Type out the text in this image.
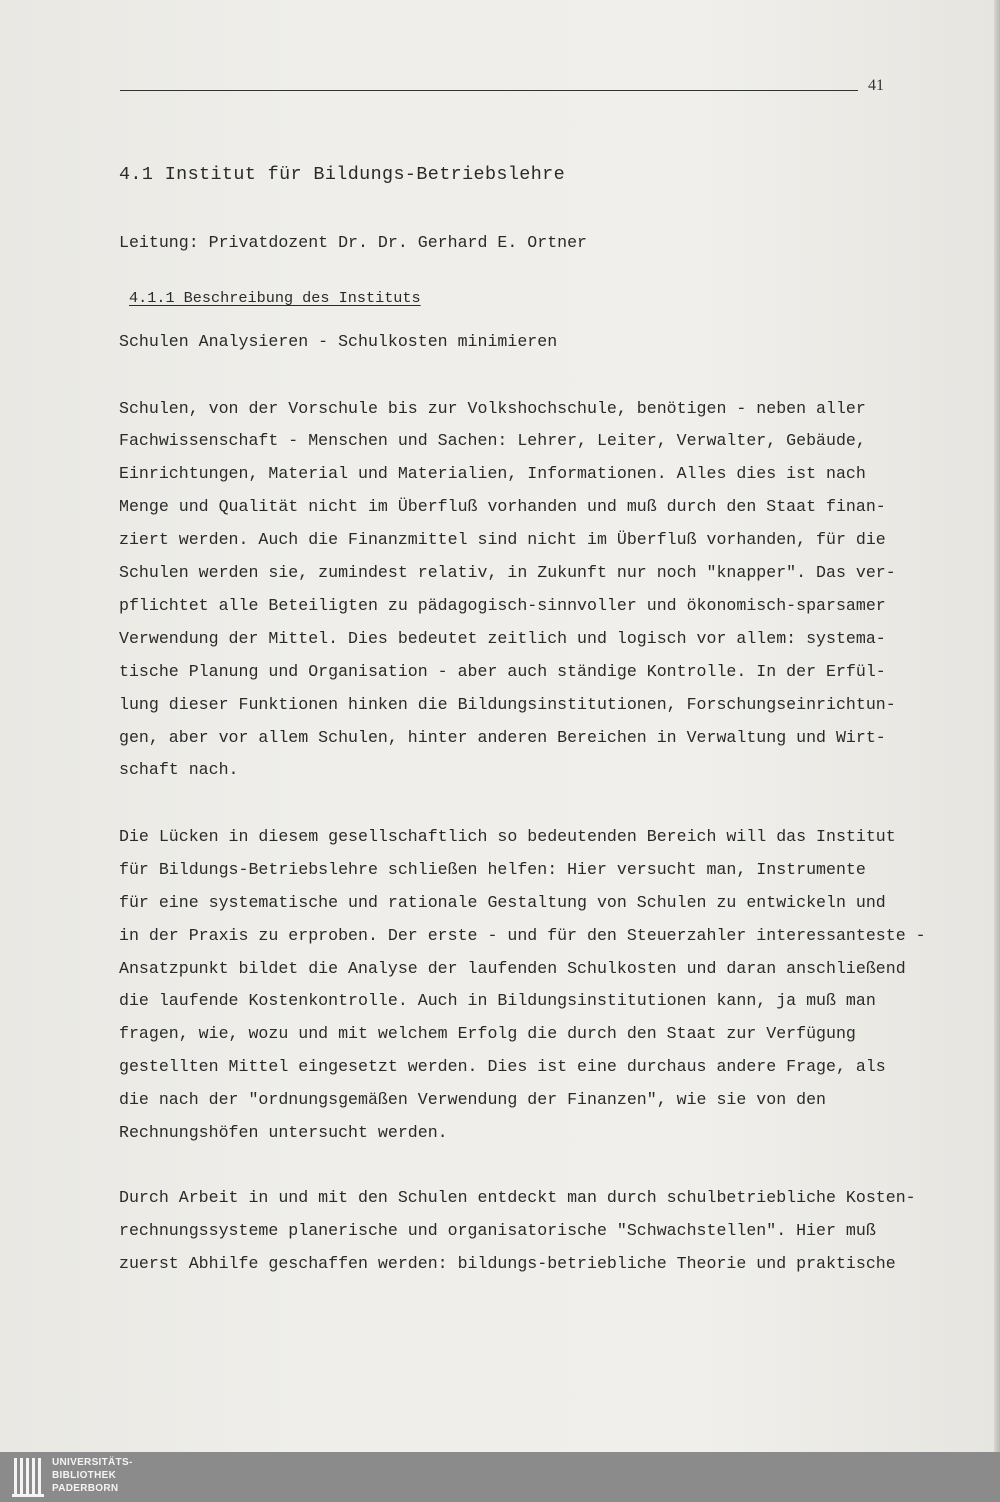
41
4.1 Institut für Bildungs-Betriebslehre
Leitung: Privatdozent Dr. Dr. Gerhard E. Ortner
4.1.1 Beschreibung des Instituts
Schulen Analysieren - Schulkosten minimieren
Schulen, von der Vorschule bis zur Volkshochschule, benötigen - neben aller
Fachwissenschaft - Menschen und Sachen: Lehrer, Leiter, Verwalter, Gebäude,
Einrichtungen, Material und Materialien, Informationen. Alles dies ist nach
Menge und Qualität nicht im Überfluß vorhanden und muß durch den Staat finan-
ziert werden. Auch die Finanzmittel sind nicht im Überfluß vorhanden, für die
Schulen werden sie, zumindest relativ, in Zukunft nur noch "knapper". Das ver-
pflichtet alle Beteiligten zu pädagogisch-sinnvoller und ökonomisch-sparsamer
Verwendung der Mittel. Dies bedeutet zeitlich und logisch vor allem: systema-
tische Planung und Organisation - aber auch ständige Kontrolle. In der Erfül-
lung dieser Funktionen hinken die Bildungsinstitutionen, Forschungseinrichtun-
gen, aber vor allem Schulen, hinter anderen Bereichen in Verwaltung und Wirt-
schaft nach.
Die Lücken in diesem gesellschaftlich so bedeutenden Bereich will das Institut
für Bildungs-Betriebslehre schließen helfen: Hier versucht man, Instrumente
für eine systematische und rationale Gestaltung von Schulen zu entwickeln und
in der Praxis zu erproben. Der erste - und für den Steuerzahler interessanteste -
Ansatzpunkt bildet die Analyse der laufenden Schulkosten und daran anschließend
die laufende Kostenkontrolle. Auch in Bildungsinstitutionen kann, ja muß man
fragen, wie, wozu und mit welchem Erfolg die durch den Staat zur Verfügung
gestellten Mittel eingesetzt werden. Dies ist eine durchaus andere Frage, als
die nach der "ordnungsgemäßen Verwendung der Finanzen", wie sie von den
Rechnungshöfen untersucht werden.
Durch Arbeit in und mit den Schulen entdeckt man durch schulbetriebliche Kosten-
rechnungssysteme planerische und organisatorische "Schwachstellen". Hier muß
zuerst Abhilfe geschaffen werden: bildungs-betriebliche Theorie und praktische
UNIVERSITÄTS-
BIBLIOTHEK
PADERBORN
